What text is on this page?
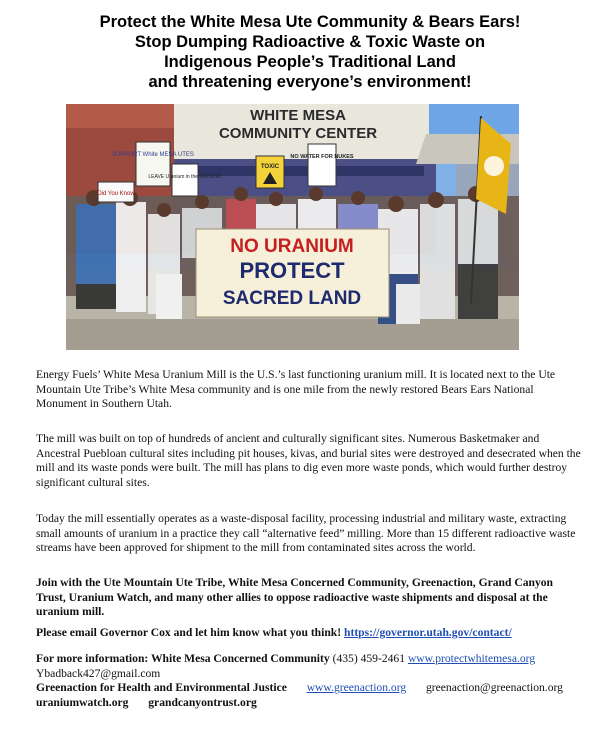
Protect the White Mesa Ute Community & Bears Ears!
Stop Dumping Radioactive & Toxic Waste on
Indigenous People’s Traditional Land
and threatening everyone’s environment!
WHITE MESA
COMMUNITY CENTER
SUPPORT White MESA UTES
LEAVE Uranium in the GROUND
TOXIC
NO WATER FOR NUKES
Did You Know
NO URANIUM
PROTECT
SACRED LAND
Energy Fuels’ White Mesa Uranium Mill is the U.S.’s last functioning uranium mill. It is located next to the Ute Mountain Ute Tribe’s White Mesa community and is one mile from the newly restored Bears Ears National Monument in Southern Utah.
The mill was built on top of hundreds of ancient and culturally significant sites. Numerous Basketmaker and Ancestral Puebloan cultural sites including pit houses, kivas, and burial sites were destroyed and desecrated when the mill and its waste ponds were built. The mill has plans to dig even more waste ponds, which would further destroy significant cultural sites.
Today the mill essentially operates as a waste-disposal facility, processing industrial and military waste, extracting small amounts of uranium in a practice they call “alternative feed” milling. More than 15 different radioactive waste streams have been approved for shipment to the mill from contaminated sites across the world.
Join with the Ute Mountain Ute Tribe, White Mesa Concerned Community, Greenaction, Grand Canyon Trust, Uranium Watch, and many other allies to oppose radioactive waste shipments and disposal at the uranium mill.
Please email Governor Cox and let him know what you think! https://governor.utah.gov/contact/
For more information: White Mesa Concerned Community (435) 459-2461 www.protectwhitemesa.org
Ybadback427@gmail.com
Greenaction for Health and Environmental Justice www.greenaction.org greenaction@greenaction.org
uraniumwatch.org grandcanyontrust.org
